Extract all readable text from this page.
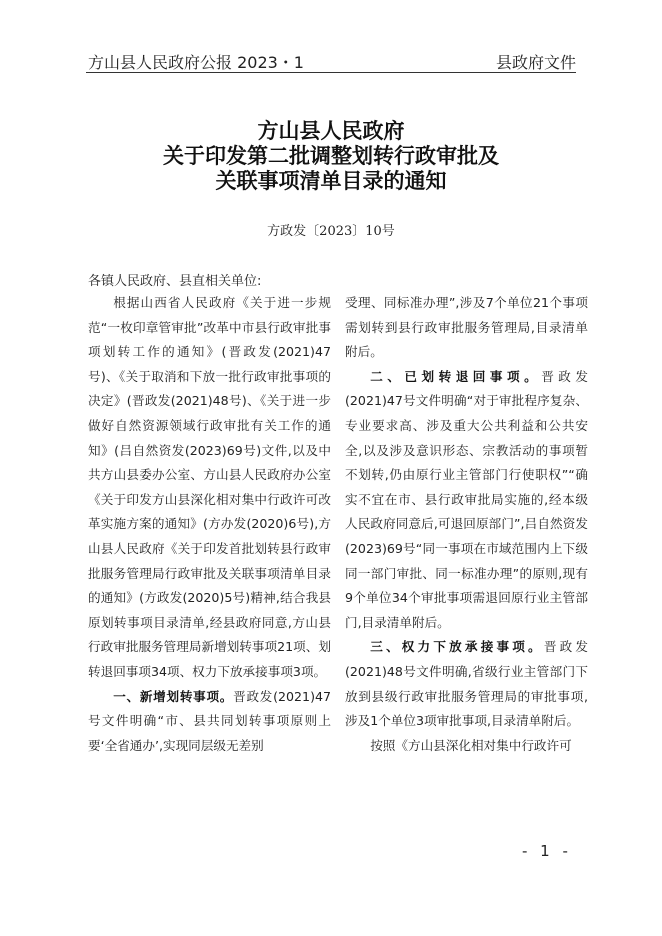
方山县人民政府公报 2023・1	县政府文件
方山县人民政府
关于印发第二批调整划转行政审批及
关联事项清单目录的通知
方政发〔2023〕10号
各镇人民政府、县直相关单位:

根据山西省人民政府《关于进一步规范“一枚印章管审批”改革中市县行政审批事项划转工作的通知》(晋政发(2021)47号)、《关于取消和下放一批行政审批事项的决定》(晋政发(2021)48号)、《关于进一步做好自然资源领域行政审批有关工作的通知》(吕自然资发(2023)69号)文件,以及中共方山县委办公室、方山县人民政府办公室《关于印发方山县深化相对集中行政许可改革实施方案的通知》(方办发(2020)6号),方山县人民政府《关于印发首批划转县行政审批服务管理局行政审批及关联事项清单目录的通知》(方政发(2020)5号)精神,结合我县原划转事项目录清单,经县政府同意,方山县行政审批服务管理局新增划转事项21项、划转退回事项34项、权力下放承接事项3项。

一、新增划转事项。晋政发(2021)47号文件明确“市、县共同划转事项原则上要‘全省通办’,实现同层级无差别

受理、同标准办理”,涉及7个单位21个事项需划转到县行政审批服务管理局,目录清单附后。

二、已划转退回事项。晋政发(2021)47号文件明确“对于审批程序复杂、专业要求高、涉及重大公共利益和公共安全,以及涉及意识形态、宗教活动的事项暂不划转,仍由原行业主管部门行使职权”“确实不宜在市、县行政审批局实施的,经本级人民政府同意后,可退回原部门”,吕自然资发(2023)69号“同一事项在市域范围内上下级同一部门审批、同一标准办理”的原则,现有9个单位34个审批事项需退回原行业主管部门,目录清单附后。

三、权力下放承接事项。晋政发(2021)48号文件明确,省级行业主管部门下放到县级行政审批服务管理局的审批事项,涉及1个单位3项审批事项,目录清单附后。

按照《方山县深化相对集中行政许可

- 1 -
